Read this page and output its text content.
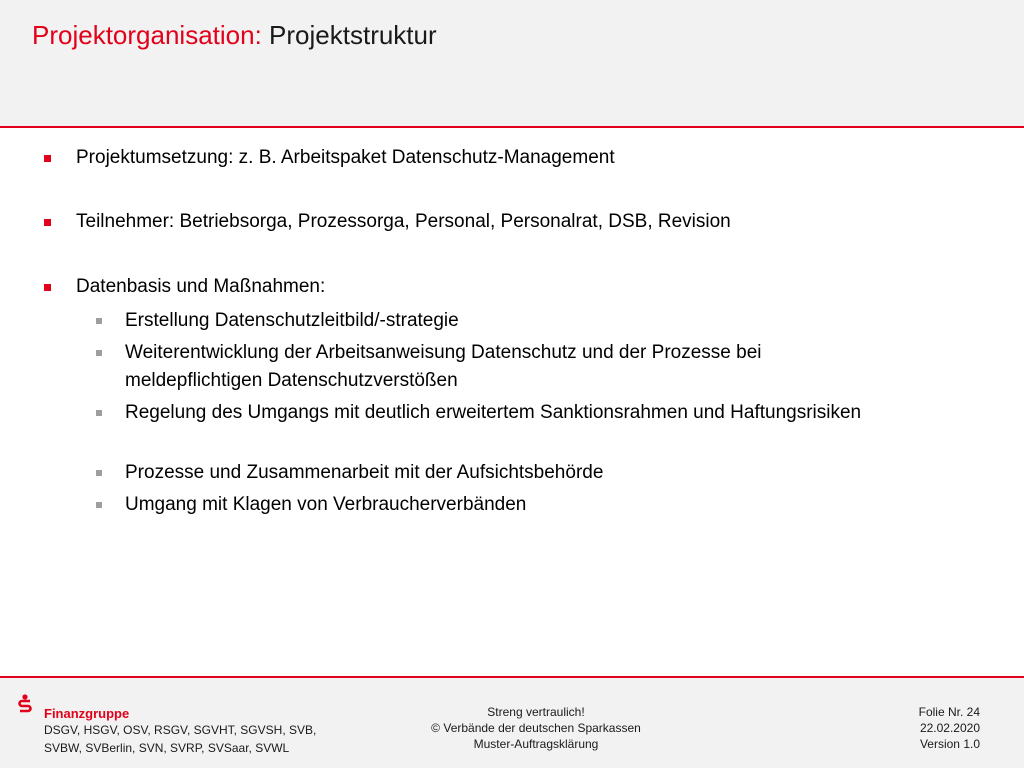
Projektorganisation: Projektstruktur
Projektumsetzung: z. B. Arbeitspaket Datenschutz-Management
Teilnehmer: Betriebsorga, Prozessorga, Personal, Personalrat, DSB, Revision
Datenbasis und Maßnahmen:
Erstellung Datenschutzleitbild/-strategie
Weiterentwicklung der Arbeitsanweisung Datenschutz und der Prozesse bei meldepflichtigen Datenschutzverstößen
Regelung des Umgangs mit deutlich erweitertem Sanktionsrahmen und Haftungsrisiken
Prozesse und Zusammenarbeit mit der Aufsichtsbehörde
Umgang mit Klagen von Verbraucherverbänden
Finanzgruppe
DSGV, HSGV, OSV, RSGV, SGVHT, SGVSH, SVB,
SVBW, SVBerlin, SVN, SVRP, SVSaar, SVWL
Streng vertraulich!
© Verbände der deutschen Sparkassen
Muster-Auftragsklärung
Folie Nr. 24
22.02.2020
Version 1.0
